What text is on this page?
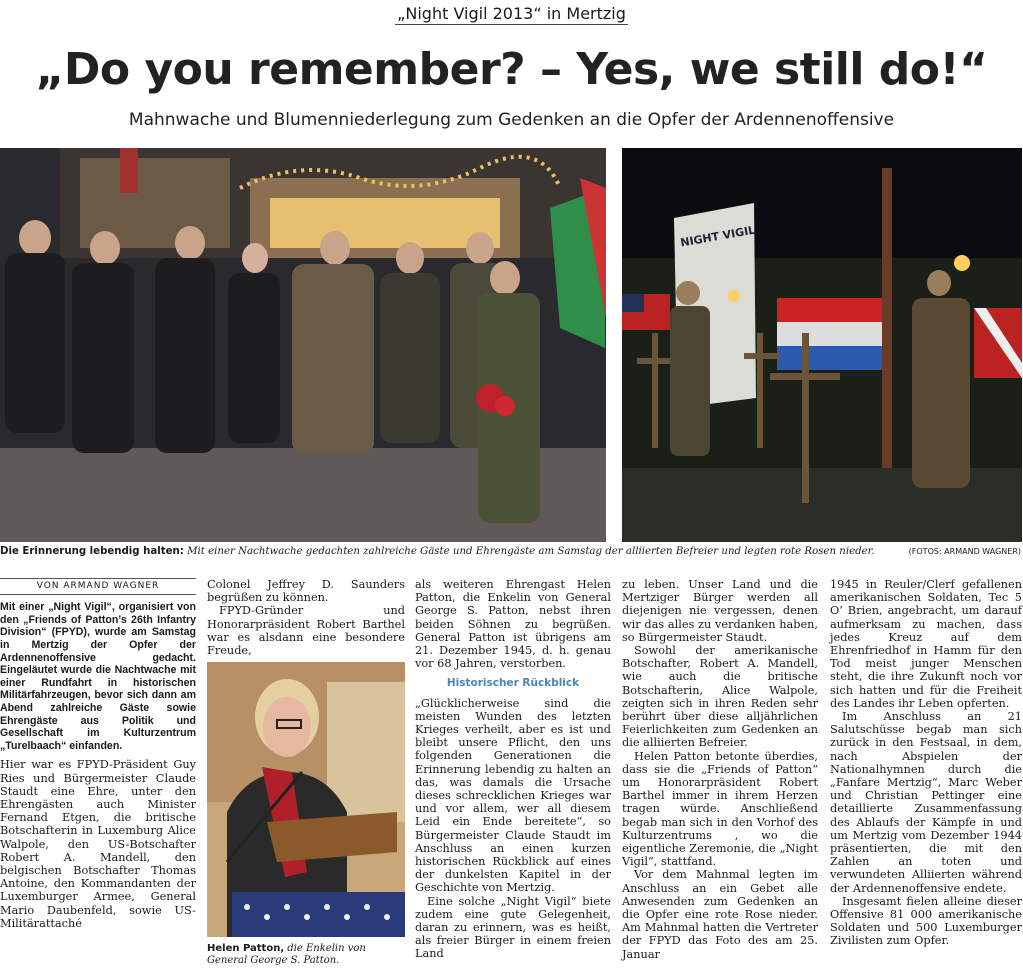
„Night Vigil 2013“ in Mertzig
„Do you remember? – Yes, we still do!“
Mahnwache und Blumenniederlegung zum Gedenken an die Opfer der Ardennenoffensive
NIGHT VIGIL
Die Erinnerung lebendig halten: Mit einer Nachtwache gedachten zahlreiche Gäste und Ehrengäste am Samstag der alliierten Befreier und legten rote Rosen nieder.	(FOTOS: ARMAND WAGNER)
VON ARMAND WAGNER
Mit einer „Night Vigil“, organisiert von den „Friends of Patton’s 26th Infantry Division“ (FPYD), wurde am Samstag in Mertzig der Opfer der Ardennenoffensive gedacht. Eingeläutet wurde die Nachtwache mit einer Rundfahrt in historischen Militärfahrzeugen, bevor sich dann am Abend zahlreiche Gäste sowie Ehrengäste aus Politik und Gesellschaft im Kulturzentrum „Turelbaach“ einfanden.

Hier war es FPYD-Präsident Guy Ries und Bürgermeister Claude Staudt eine Ehre, unter den Ehrengästen auch Minister Fernand Etgen, die britische Botschafterin in Luxemburg Alice Walpole, den US-Botschafter Robert A. Mandell, den belgischen Botschafter Thomas Antoine, den Kommandanten der Luxemburger Armee, General Mario Daubenfeld, sowie US-Militärattaché

Colonel Jeffrey D. Saunders begrüßen zu können.

FPYD-Gründer und Honorarpräsident Robert Barthel war es alsdann eine besondere Freude,

Helen Patton, die Enkelin von General George S. Patton.

als weiteren Ehrengast Helen Patton, die Enkelin von General George S. Patton, nebst ihren beiden Söhnen zu begrüßen. General Patton ist übrigens am 21. Dezember 1945, d. h. genau vor 68 Jahren, verstorben.

Historischer Rückblick

„Glücklicherweise sind die meisten Wunden des letzten Krieges verheilt, aber es ist und bleibt unsere Pflicht, den uns folgenden Generationen die Erinnerung lebendig zu halten an das, was damals die Ursache dieses schrecklichen Krieges war und vor allem, wer all diesem Leid ein Ende bereitete“, so Bürgermeister Claude Staudt im Anschluss an einen kurzen historischen Rückblick auf eines der dunkelsten Kapitel in der Geschichte von Mertzig.

Eine solche „Night Vigil“ biete zudem eine gute Gelegenheit, daran zu erinnern, was es heißt, als freier Bürger in einem freien Land

zu leben. Unser Land und die Mertziger Bürger werden all diejenigen nie vergessen, denen wir das alles zu verdanken haben, so Bürgermeister Staudt.

Sowohl der amerikanische Botschafter, Robert A. Mandell, wie auch die britische Botschafterin, Alice Walpole, zeigten sich in ihren Reden sehr berührt über diese alljährlichen Feierlichkeiten zum Gedenken an die alliierten Befreier.

Helen Patton betonte überdies, dass sie die „Friends of Patton“ um Honorarpräsident Robert Barthel immer in ihrem Herzen tragen würde. Anschließend begab man sich in den Vorhof des Kulturzentrums , wo die eigentliche Zeremonie, die „Night Vigil“, stattfand.

Vor dem Mahnmal legten im Anschluss an ein Gebet alle Anwesenden zum Gedenken an die Opfer eine rote Rose nieder. Am Mahnmal hatten die Vertreter der FPYD das Foto des am 25. Januar

1945 in Reuler/Clerf gefallenen amerikanischen Soldaten, Tec 5 O’ Brien, angebracht, um darauf aufmerksam zu machen, dass jedes Kreuz auf dem Ehrenfriedhof in Hamm für den Tod meist junger Menschen steht, die ihre Zukunft noch vor sich hatten und für die Freiheit des Landes ihr Leben opferten.

Im Anschluss an 21 Salutschüsse begab man sich zurück in den Festsaal, in dem, nach Abspielen der Nationalhymnen durch die „Fanfare Mertzig“, Marc Weber und Christian Pettinger eine detaillierte Zusammenfassung des Ablaufs der Kämpfe in und um Mertzig vom Dezember 1944 präsentierten, die mit den Zahlen an toten und verwundeten Alliierten während der Ardennenoffensive endete.

Insgesamt fielen alleine dieser Offensive 81 000 amerikanische Soldaten und 500 Luxemburger Zivilisten zum Opfer.
